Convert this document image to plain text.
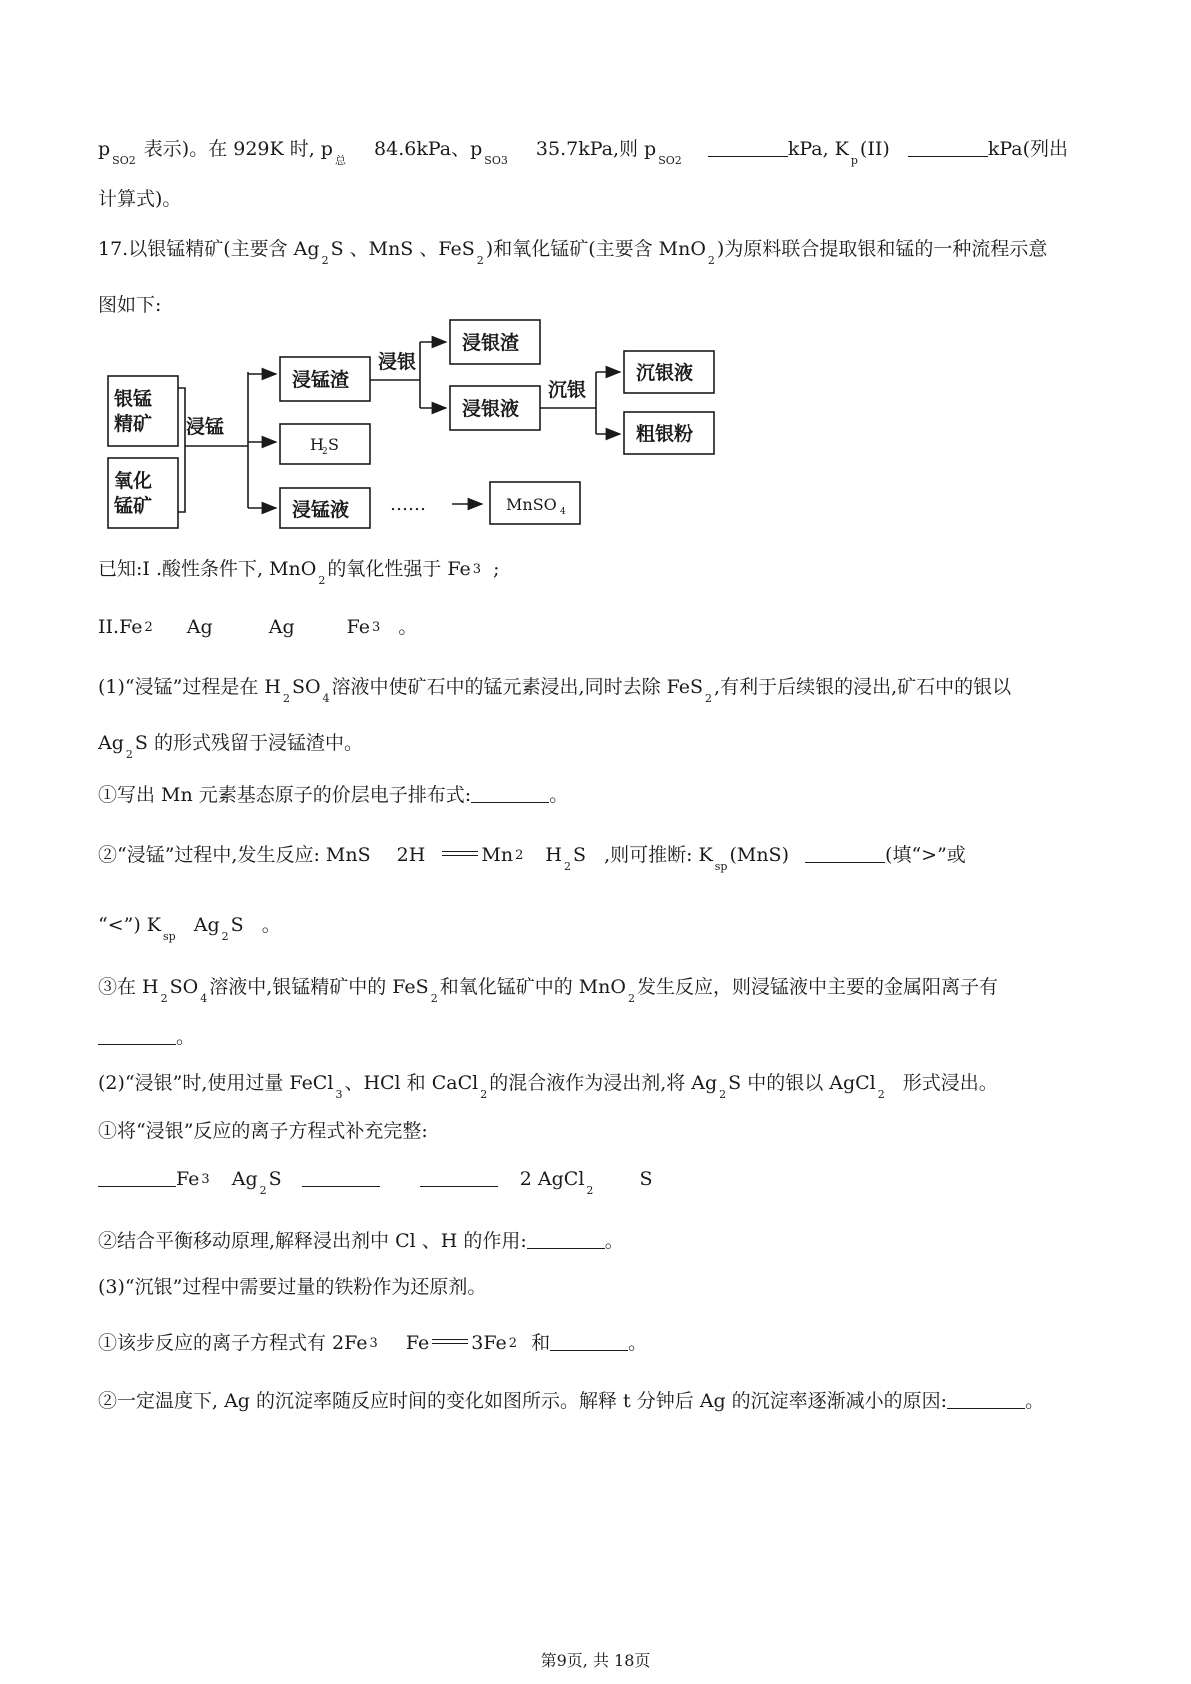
$p_{SO2}$ 表示)。在 929K 时, $p_总$ 84.6kPa、$p_{SO3}$ 35.7kPa,则 $p_{SO2}$ kPa, $K_p(II)$	kPa(列出
计算式)。
17.以银锰精矿(主要含 $Ag_2S$ 、MnS 、FeS$_2$)和氧化锰矿(主要含 MnO$_2$)为原料联合提取银和锰的一种流程示意
图如下:
银锰
精矿
氧化
锰矿
浸锰
浸锰渣
浸锰液
浸银
浸银渣
浸银液
沉银
沉银液
粗银粉
H
2 S
……	MnSO 4
已知:I .酸性条件下, MnO$_2$的氧化性强于 Fe 3 ;
II.Fe 2 Ag	Ag	Fe 3 。
(1)“浸锰”过程是在 $H_2SO_4$溶液中使矿石中的锰元素浸出,同时去除 FeS$_2$,有利于后续银的浸出,矿石中的银以
$Ag_2S$ 的形式残留于浸锰渣中。
①写出 Mn 元素基态原子的价层电子排布式:	。
②“浸锰”过程中,发生反应: MnS 2H	Mn 2 $H_2S$ ,则可推断: $K_{sp}(MnS)$	(填“>”或
“<”) $K_{sp}$ $Ag_2S$ 。
③在 $H_2SO_4$溶液中,银锰精矿中的 FeS$_2$和氧化锰矿中的 MnO$_2$发生反应，则浸锰液中主要的金属阳离子有
。
(2)“浸银”时,使用过量 FeCl$_3$、HCl 和 CaCl$_2$的混合液作为浸出剂,将 $Ag_2S$ 中的银以 AgCl$_2$形式浸出。
①将“浸银”反应的离子方程式补充完整:
Fe 3 $Ag_2S$	2 AgCl$_2$ S
②结合平衡移动原理,解释浸出剂中 Cl 、H 的作用:	。
(3)“沉银”过程中需要过量的铁粉作为还原剂。
①该步反应的离子方程式有 2Fe 3 Fe 3Fe 2 和	。
②一定温度下, Ag 的沉淀率随反应时间的变化如图所示。解释 t 分钟后 Ag 的沉淀率逐渐减小的原因:	。
第9页, 共 18页
